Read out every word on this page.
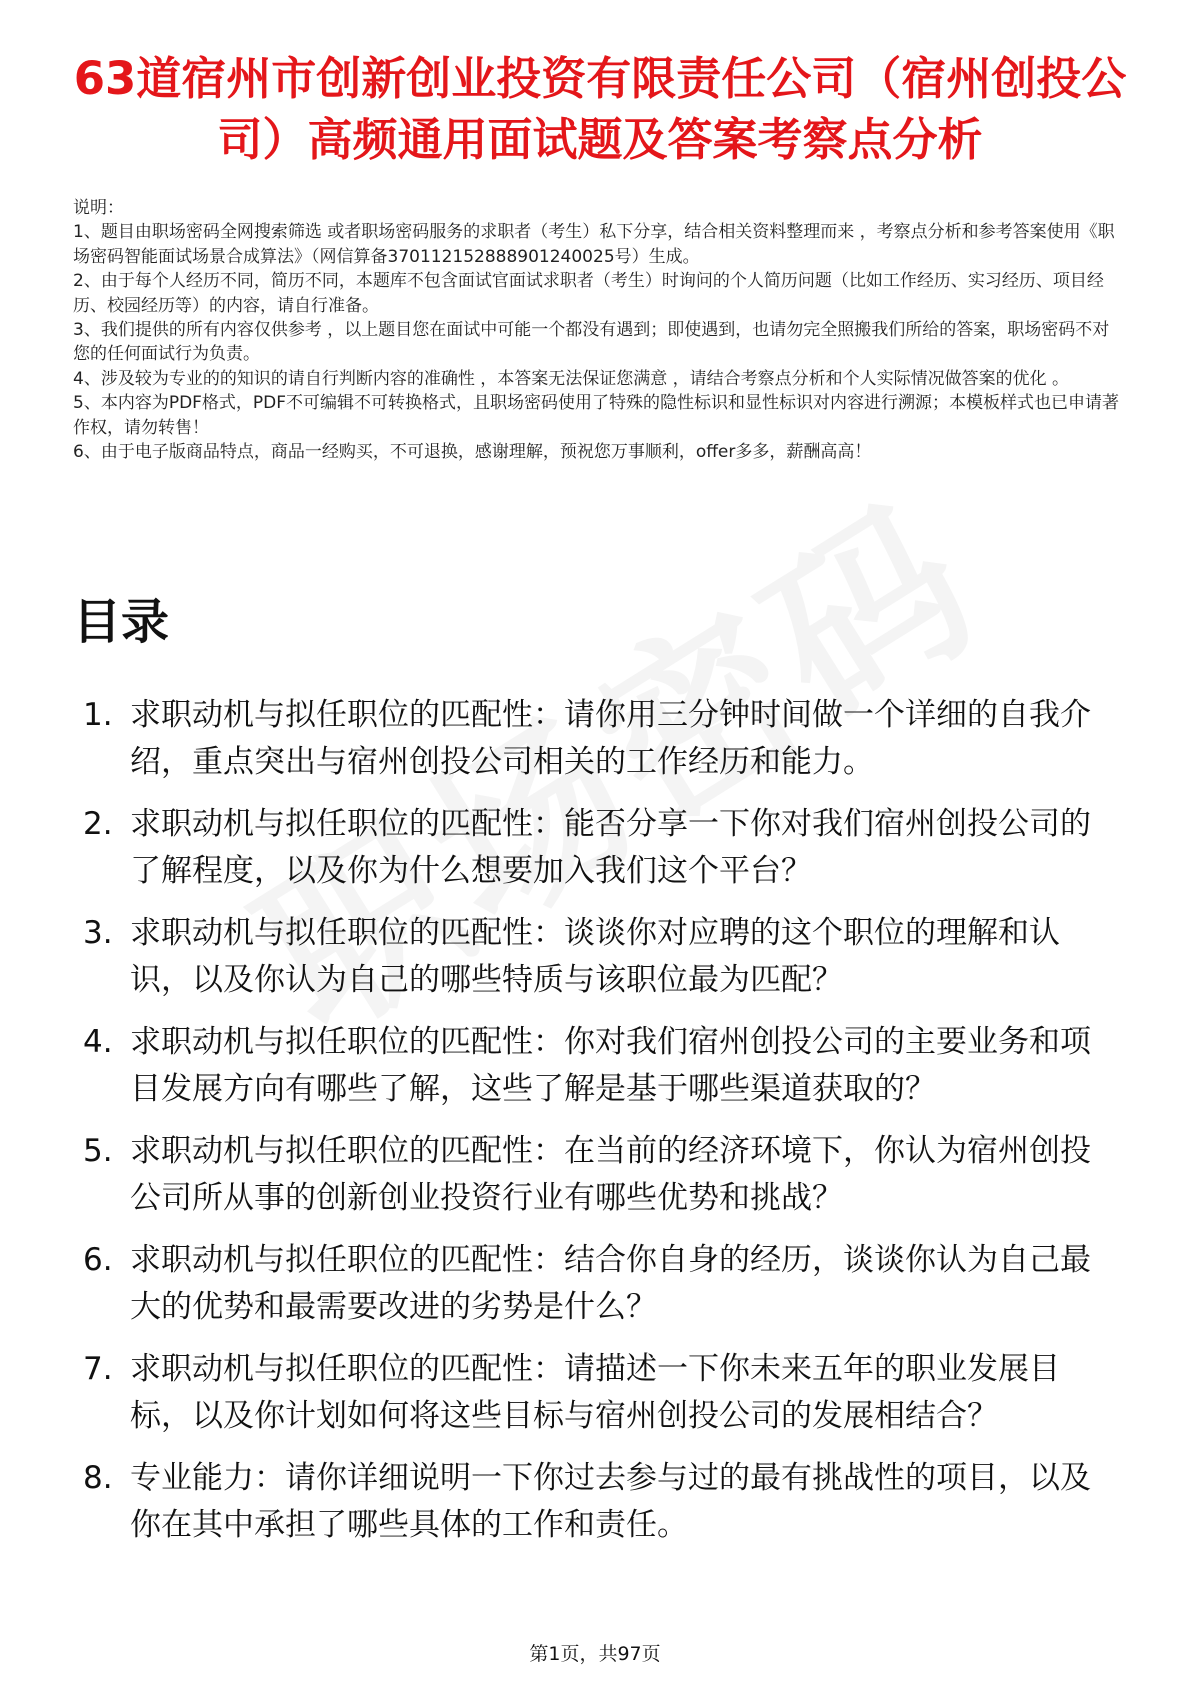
63道宿州市创新创业投资有限责任公司（宿州创投公司）高频通用面试题及答案考察点分析

说明：

1、题目由职场密码全网搜索筛选 或者职场密码服务的求职者（考生）私下分享，结合相关资料整理而来 ，考察点分析和参考答案使用《职场密码智能面试场景合成算法》（网信算备370112152888901240025号）生成。

2、由于每个人经历不同，简历不同，本题库不包含面试官面试求职者（考生）时询问的个人简历问题（比如工作经历、实习经历、项目经历、校园经历等）的内容，请自行准备。

3、我们提供的所有内容仅供参考 ，以上题目您在面试中可能一个都没有遇到；即使遇到，也请勿完全照搬我们所给的答案，职场密码不对您的任何面试行为负责。

4、涉及较为专业的的知识的请自行判断内容的准确性 ，本答案无法保证您满意 ，请结合考察点分析和个人实际情况做答案的优化 。

5、本内容为PDF格式，PDF不可编辑不可转换格式，且职场密码使用了特殊的隐性标识和显性标识对内容进行溯源；本模板样式也已申请著作权，请勿转售！

6、由于电子版商品特点，商品一经购买，不可退换，感谢理解，预祝您万事顺利，offer多多，薪酬高高！

目录
1. 求职动机与拟任职位的匹配性：请你用三分钟时间做一个详细的自我介绍，重点突出与宿州创投公司相关的工作经历和能力。
2. 求职动机与拟任职位的匹配性：能否分享一下你对我们宿州创投公司的了解程度，以及你为什么想要加入我们这个平台？
3. 求职动机与拟任职位的匹配性：谈谈你对应聘的这个职位的理解和认识，以及你认为自己的哪些特质与该职位最为匹配？
4. 求职动机与拟任职位的匹配性：你对我们宿州创投公司的主要业务和项目发展方向有哪些了解，这些了解是基于哪些渠道获取的？
5. 求职动机与拟任职位的匹配性：在当前的经济环境下，你认为宿州创投公司所从事的创新创业投资行业有哪些优势和挑战？
6. 求职动机与拟任职位的匹配性：结合你自身的经历，谈谈你认为自己最大的优势和最需要改进的劣势是什么？
7. 求职动机与拟任职位的匹配性：请描述一下你未来五年的职业发展目标，以及你计划如何将这些目标与宿州创投公司的发展相结合？
8. 专业能力：请你详细说明一下你过去参与过的最有挑战性的项目，以及你在其中承担了哪些具体的工作和责任。
第1页，共97页
